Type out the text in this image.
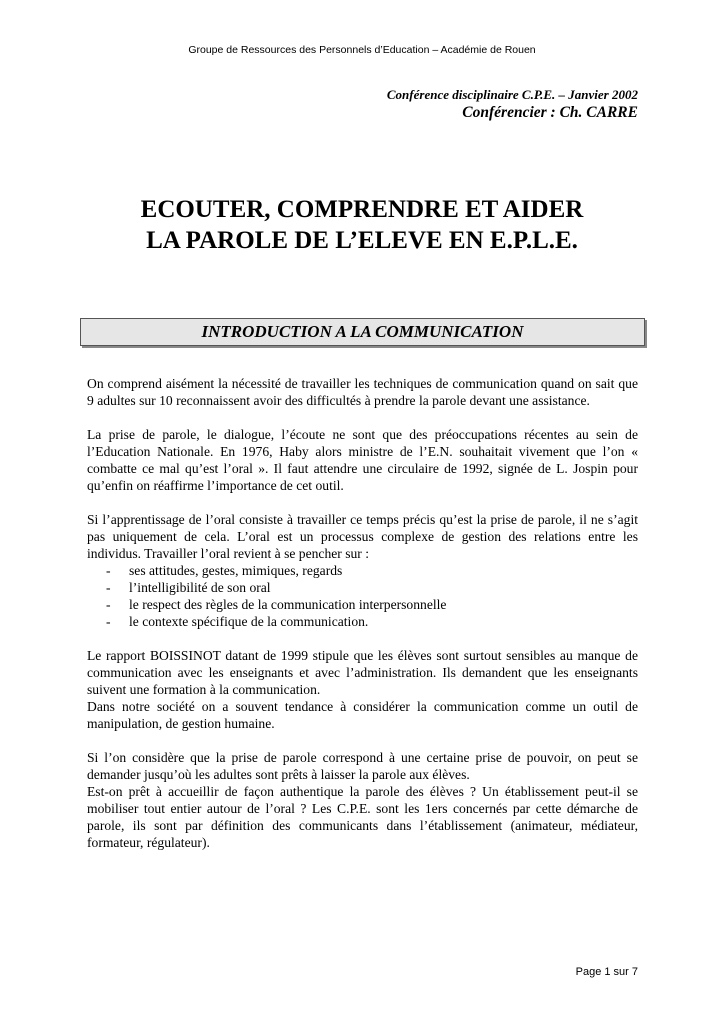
Groupe de Ressources des Personnels d’Education – Académie de Rouen
Conférence disciplinaire C.P.E. – Janvier 2002
Conférencier : Ch. CARRE
ECOUTER, COMPRENDRE ET AIDER
LA PAROLE DE L’ELEVE EN E.P.L.E.
INTRODUCTION A LA COMMUNICATION

On comprend aisément la nécessité de travailler les techniques de communication quand on sait que 9 adultes sur 10 reconnaissent avoir des difficultés à prendre la parole devant une assistance.

La prise de parole, le dialogue, l’écoute ne sont que des préoccupations récentes au sein de l’Education Nationale. En 1976, Haby alors ministre de l’E.N. souhaitait vivement que l’on « combatte ce mal qu’est l’oral ». Il faut attendre une circulaire de 1992, signée de L. Jospin pour qu’enfin on réaffirme l’importance de cet outil.

Si l’apprentissage de l’oral consiste à travailler ce temps précis qu’est la prise de parole, il ne s’agit pas uniquement de cela. L’oral est un processus complexe de gestion des relations entre les individus. Travailler l’oral revient à se pencher sur :

- ses attitudes, gestes, mimiques, regards
- l’intelligibilité de son oral
- le respect des règles de la communication interpersonnelle
- le contexte spécifique de la communication.

Le rapport BOISSINOT datant de 1999 stipule que les élèves sont surtout sensibles au manque de communication avec les enseignants et avec l’administration. Ils demandent que les enseignants suivent une formation à la communication.

Dans notre société on a souvent tendance à considérer la communication comme un outil de manipulation, de gestion humaine.

Si l’on considère que la prise de parole correspond à une certaine prise de pouvoir, on peut se demander jusqu’où les adultes sont prêts à laisser la parole aux élèves.

Est-on prêt à accueillir de façon authentique la parole des élèves ? Un établissement peut-il se mobiliser tout entier autour de l’oral ? Les C.P.E. sont les 1ers concernés par cette démarche de parole, ils sont par définition des communicants dans l’établissement (animateur, médiateur, formateur, régulateur).

Page 1 sur 7
